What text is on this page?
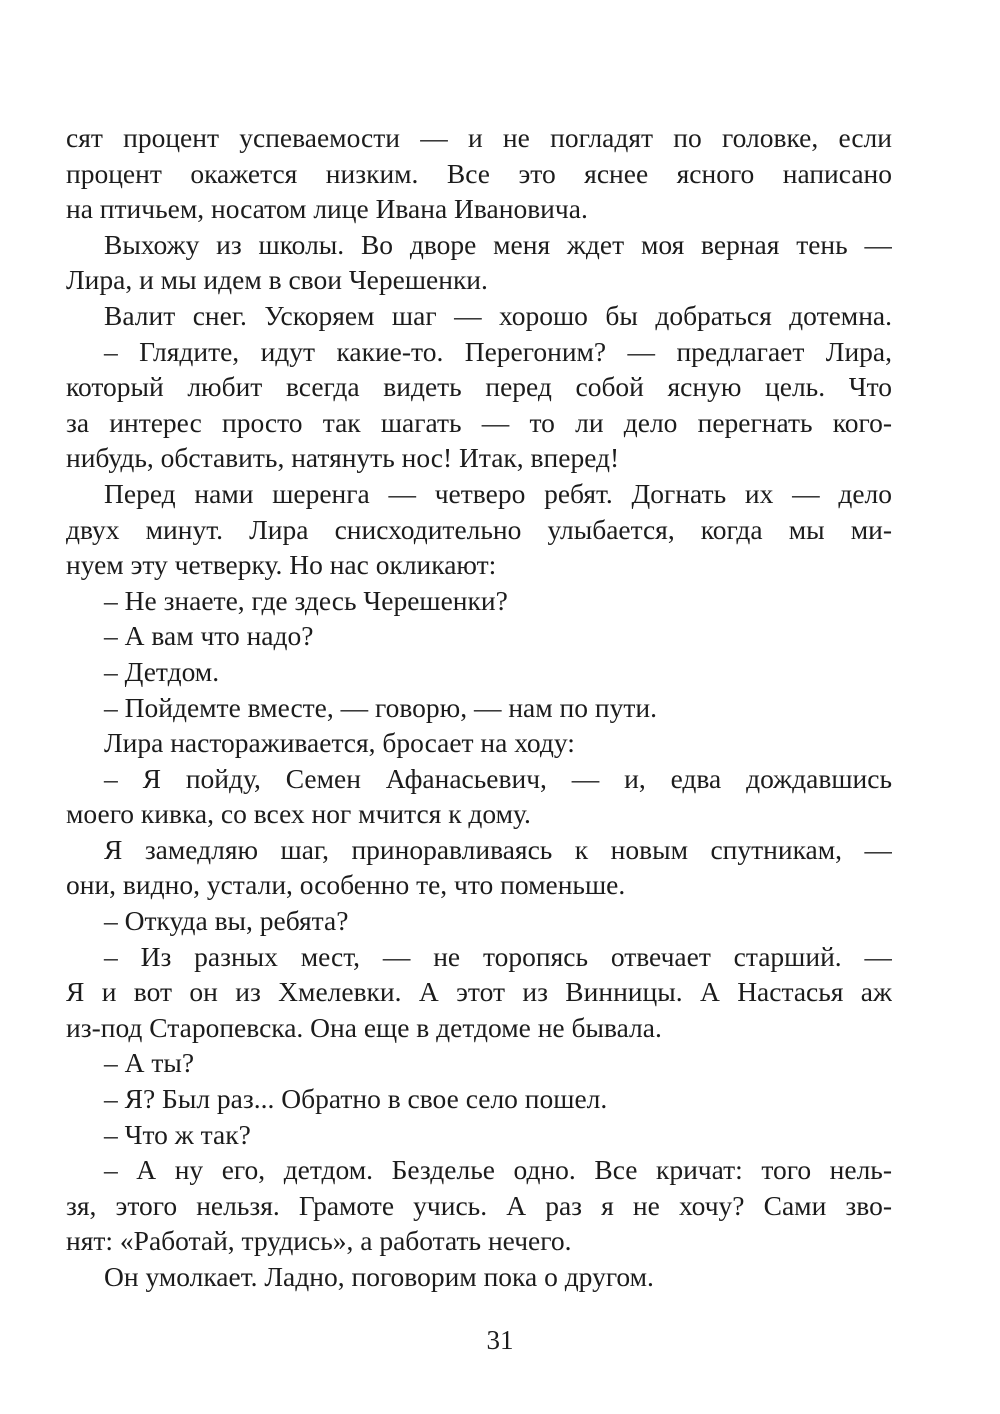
сят процент успеваемости — и не погладят по головке, если
процент окажется низким. Все это яснее ясного написано
на птичьем, носатом лице Ивана Ивановича.
Выхожу из школы. Во дворе меня ждет моя верная тень —
Лира, и мы идем в свои Черешенки.
Валит снег. Ускоряем шаг — хорошо бы добраться дотемна.
– Глядите, идут какие-то. Перегоним? — предлагает Лира,
который любит всегда видеть перед собой ясную цель. Что
за интерес просто так шагать — то ли дело перегнать кого-
нибудь, обставить, натянуть нос! Итак, вперед!
Перед нами шеренга — четверо ребят. Догнать их — дело
двух минут. Лира снисходительно улыбается, когда мы ми-
нуем эту четверку. Но нас окликают:
– Не знаете, где здесь Черешенки?
– А вам что надо?
– Детдом.
– Пойдемте вместе, — говорю, — нам по пути.
Лира настораживается, бросает на ходу:
– Я пойду, Семен Афанасьевич, — и, едва дождавшись
моего кивка, со всех ног мчится к дому.
Я замедляю шаг, приноравливаясь к новым спутникам, —
они, видно, устали, особенно те, что поменьше.
– Откуда вы, ребята?
– Из разных мест, — не торопясь отвечает старший. —
Я и вот он из Хмелевки. А этот из Винницы. А Настасья аж
из-под Старопевска. Она еще в детдоме не бывала.
– А ты?
– Я? Был раз... Обратно в свое село пошел.
– Что ж так?
– А ну его, детдом. Безделье одно. Все кричат: того нель-
зя, этого нельзя. Грамоте учись. А раз я не хочу? Сами зво-
нят: «Работай, трудись», а работать нечего.
Он умолкает. Ладно, поговорим пока о другом.
31
